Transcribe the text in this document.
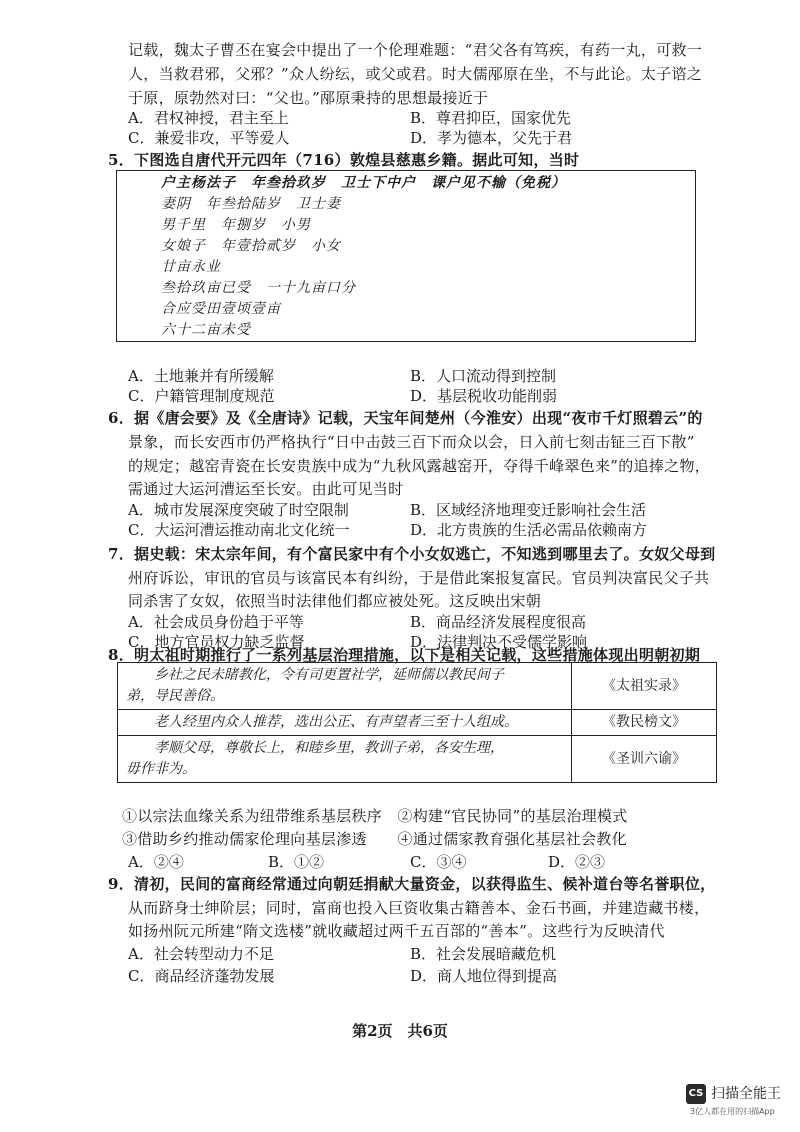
记载，魏太子曹丕在宴会中提出了一个伦理难题：“君父各有笃疾，有药一丸，可救一
人，当救君邪，父邪？”众人纷纭，或父或君。时大儒邴原在坐，不与此论。太子谘之
于原，原勃然对曰：“父也。”邴原秉持的思想最接近于
A．君权神授，君主至上	B．尊君抑臣，国家优先
C．兼爱非攻，平等爱人	D．孝为德本，父先于君
5．下图选自唐代开元四年（716）敦煌县慈惠乡籍。据此可知，当时
户主杨法子　年叁拾玖岁　卫士下中户　课户见不输（免税）
妻阴　年叁拾陆岁　卫士妻
男千里　年捌岁　小男
女娘子　年壹拾贰岁　小女
廿亩永业
叁拾玖亩已受　一十九亩口分
合应受田壹顷壹亩
六十二亩未受
A．土地兼并有所缓解	B．人口流动得到控制
C．户籍管理制度规范	D．基层税收功能削弱
6．据《唐会要》及《全唐诗》记载，天宝年间楚州（今淮安）出现“夜市千灯照碧云”的
景象，而长安西市仍严格执行“日中击鼓三百下而众以会，日入前七刻击钲三百下散”
的规定；越窑青瓷在长安贵族中成为“九秋风露越窑开，夺得千峰翠色来”的追捧之物，
需通过大运河漕运至长安。由此可见当时
A．城市发展深度突破了时空限制	B．区域经济地理变迁影响社会生活
C．大运河漕运推动南北文化统一	D．北方贵族的生活必需品依赖南方
7．据史载：宋太宗年间，有个富民家中有个小女奴逃亡，不知逃到哪里去了。女奴父母到
州府诉讼，审讯的官员与该富民本有纠纷，于是借此案报复富民。官员判决富民父子共
同杀害了女奴，依照当时法律他们都应被处死。这反映出宋朝
A．社会成员身份趋于平等	B．商品经济发展程度很高
C．地方官员权力缺乏监督	D．法律判决不受儒学影响
8．明太祖时期推行了一系列基层治理措施，以下是相关记载，这些措施体现出明朝初期
乡社之民未睹教化，令有司更置社学，延师儒以教民间子
弟，导民善俗。	《太祖实录》

老人经里内众人推荐，选出公正、有声望者三至十人组成。	《教民榜文》

孝顺父母，尊敬长上，和睦乡里，教训子弟，各安生理，
毋作非为。	《圣训六谕》
①以宗法血缘关系为纽带维系基层秩序　②构建“官民协同”的基层治理模式
③借助乡约推动儒家伦理向基层渗透　　④通过儒家教育强化基层社会教化
A．②④	B．①②	C．③④	D．②③
9．清初，民间的富商经常通过向朝廷捐献大量资金，以获得监生、候补道台等名誉职位，
从而跻身士绅阶层；同时，富商也投入巨资收集古籍善本、金石书画，并建造藏书楼，
如扬州阮元所建“隋文选楼”就收藏超过两千五百部的“善本”。这些行为反映清代
A．社会转型动力不足	B．社会发展暗藏危机
C．商品经济蓬勃发展	D．商人地位得到提高
第2页　共6页
CS 扫描全能王
3亿人都在用的扫描App
